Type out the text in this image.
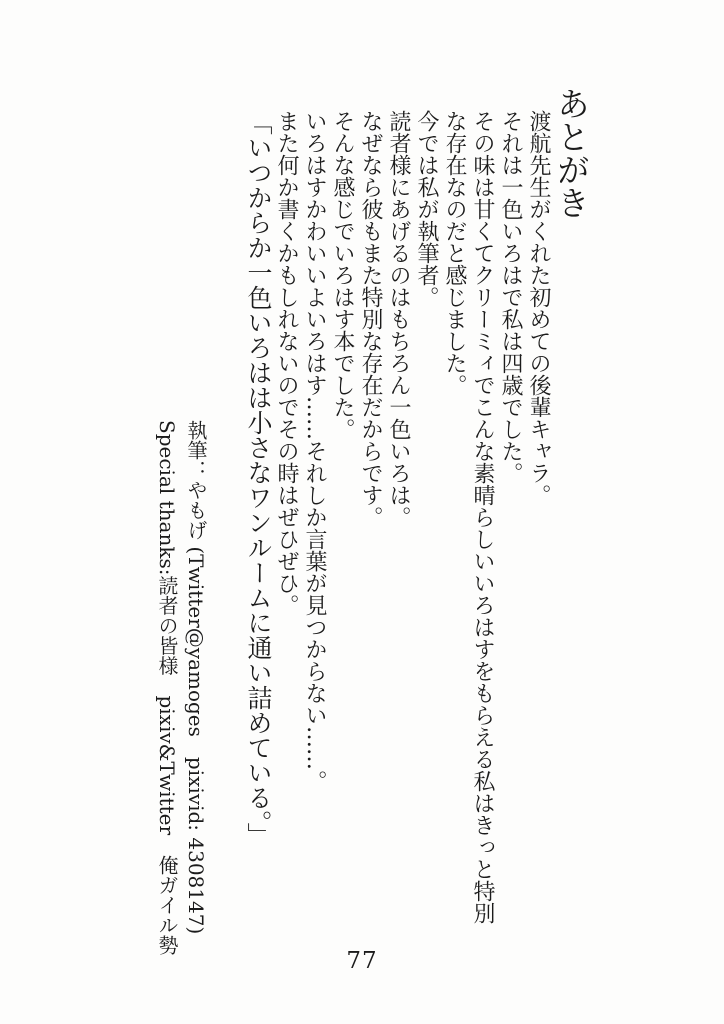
あとがき

渡航先生がくれた初めての後輩キャラ。

それは一色いろはで私は四歳でした。

その味は甘くてクリーミィでこんな素晴らしいいろはすをもらえる私はきっと特別

な存在なのだと感じました。

今では私が執筆者。

読者様にあげるのはもちろん一色いろは。

なぜなら彼もまた特別な存在だからです。

そんな感じでいろはす本でした。

いろはすかわいいよいろはす……それしか言葉が見つからない……。

また何か書くかもしれないのでその時はぜひぜひ。

「いつからか一色いろはは小さなワンルームに通い詰めている。」

執筆：やもげ (Twitter@yamoges　pixivid: 4308147)

Special thanks:読者の皆様　pixiv&Twitter　俺ガイル勢

77
